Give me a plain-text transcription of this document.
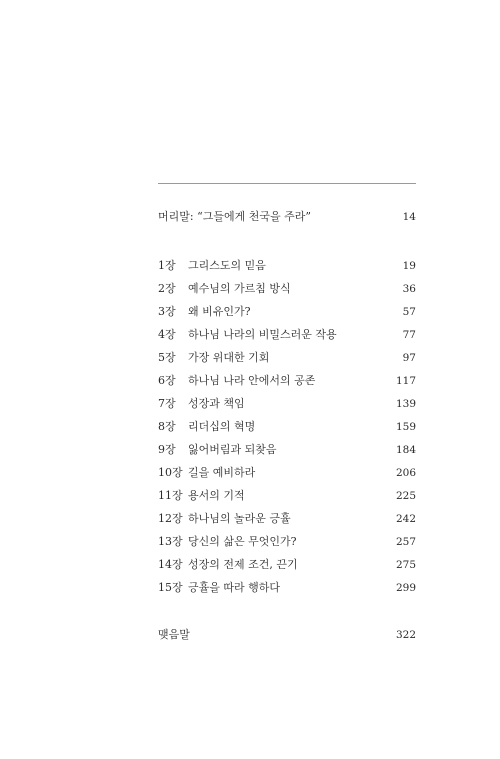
머리말: “그들에게 천국을 주라”	14
1장 그리스도의 믿음	19
2장 예수님의 가르침 방식	36
3장 왜 비유인가?	57
4장 하나님 나라의 비밀스러운 작용	77
5장 가장 위대한 기회	97
6장 하나님 나라 안에서의 공존	117
7장 성장과 책임	139
8장 리더십의 혁명	159
9장 잃어버림과 되찾음	184
10장 길을 예비하라	206
11장 용서의 기적	225
12장 하나님의 놀라운 긍휼	242
13장 당신의 삶은 무엇인가?	257
14장 성장의 전제 조건, 끈기	275
15장 긍휼을 따라 행하다	299
맺음말	322
